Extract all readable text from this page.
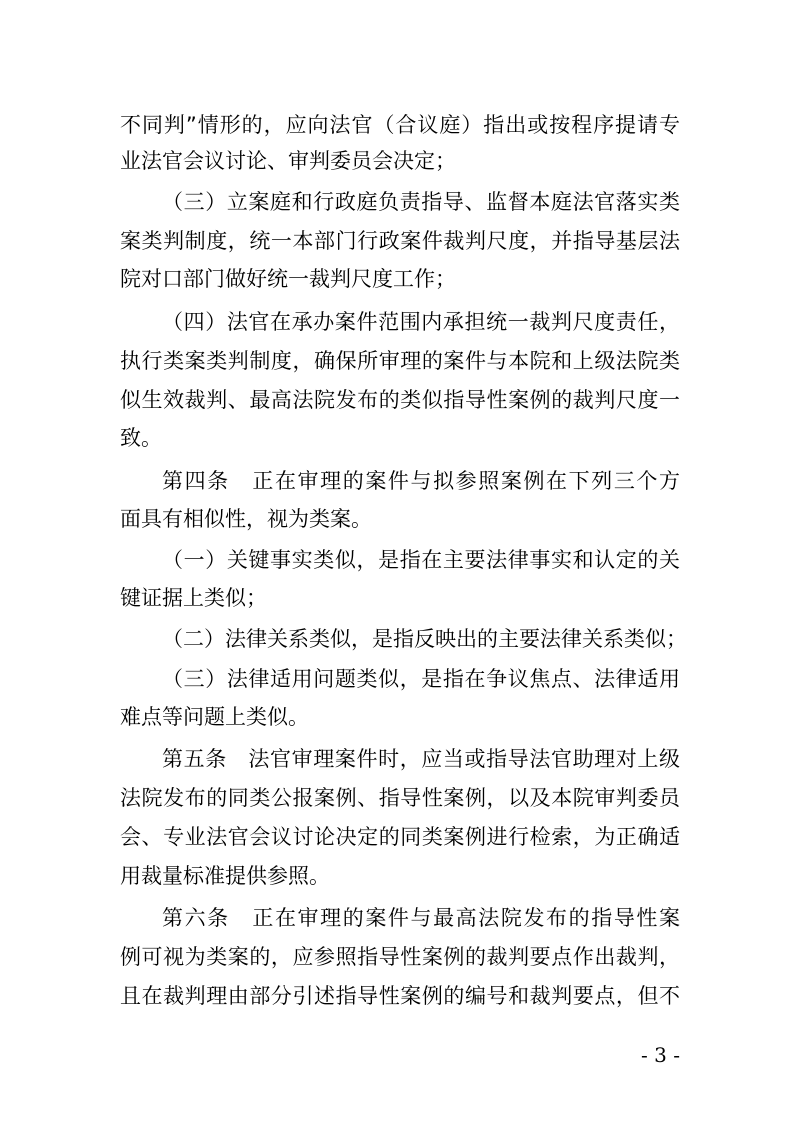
不同判”情形的，应向法官（合议庭）指出或按程序提请专
业法官会议讨论、审判委员会决定；
（三）立案庭和行政庭负责指导、监督本庭法官落实类
案类判制度，统一本部门行政案件裁判尺度，并指导基层法
院对口部门做好统一裁判尺度工作；
（四）法官在承办案件范围内承担统一裁判尺度责任，
执行类案类判制度，确保所审理的案件与本院和上级法院类
似生效裁判、最高法院发布的类似指导性案例的裁判尺度一
致。
第四条　正在审理的案件与拟参照案例在下列三个方
面具有相似性，视为类案。
（一）关键事实类似，是指在主要法律事实和认定的关
键证据上类似；
（二）法律关系类似，是指反映出的主要法律关系类似；
（三）法律适用问题类似，是指在争议焦点、法律适用
难点等问题上类似。
第五条　法官审理案件时，应当或指导法官助理对上级
法院发布的同类公报案例、指导性案例，以及本院审判委员
会、专业法官会议讨论决定的同类案例进行检索，为正确适
用裁量标准提供参照。
第六条　正在审理的案件与最高法院发布的指导性案
例可视为类案的，应参照指导性案例的裁判要点作出裁判，
且在裁判理由部分引述指导性案例的编号和裁判要点，但不
- 3 -
